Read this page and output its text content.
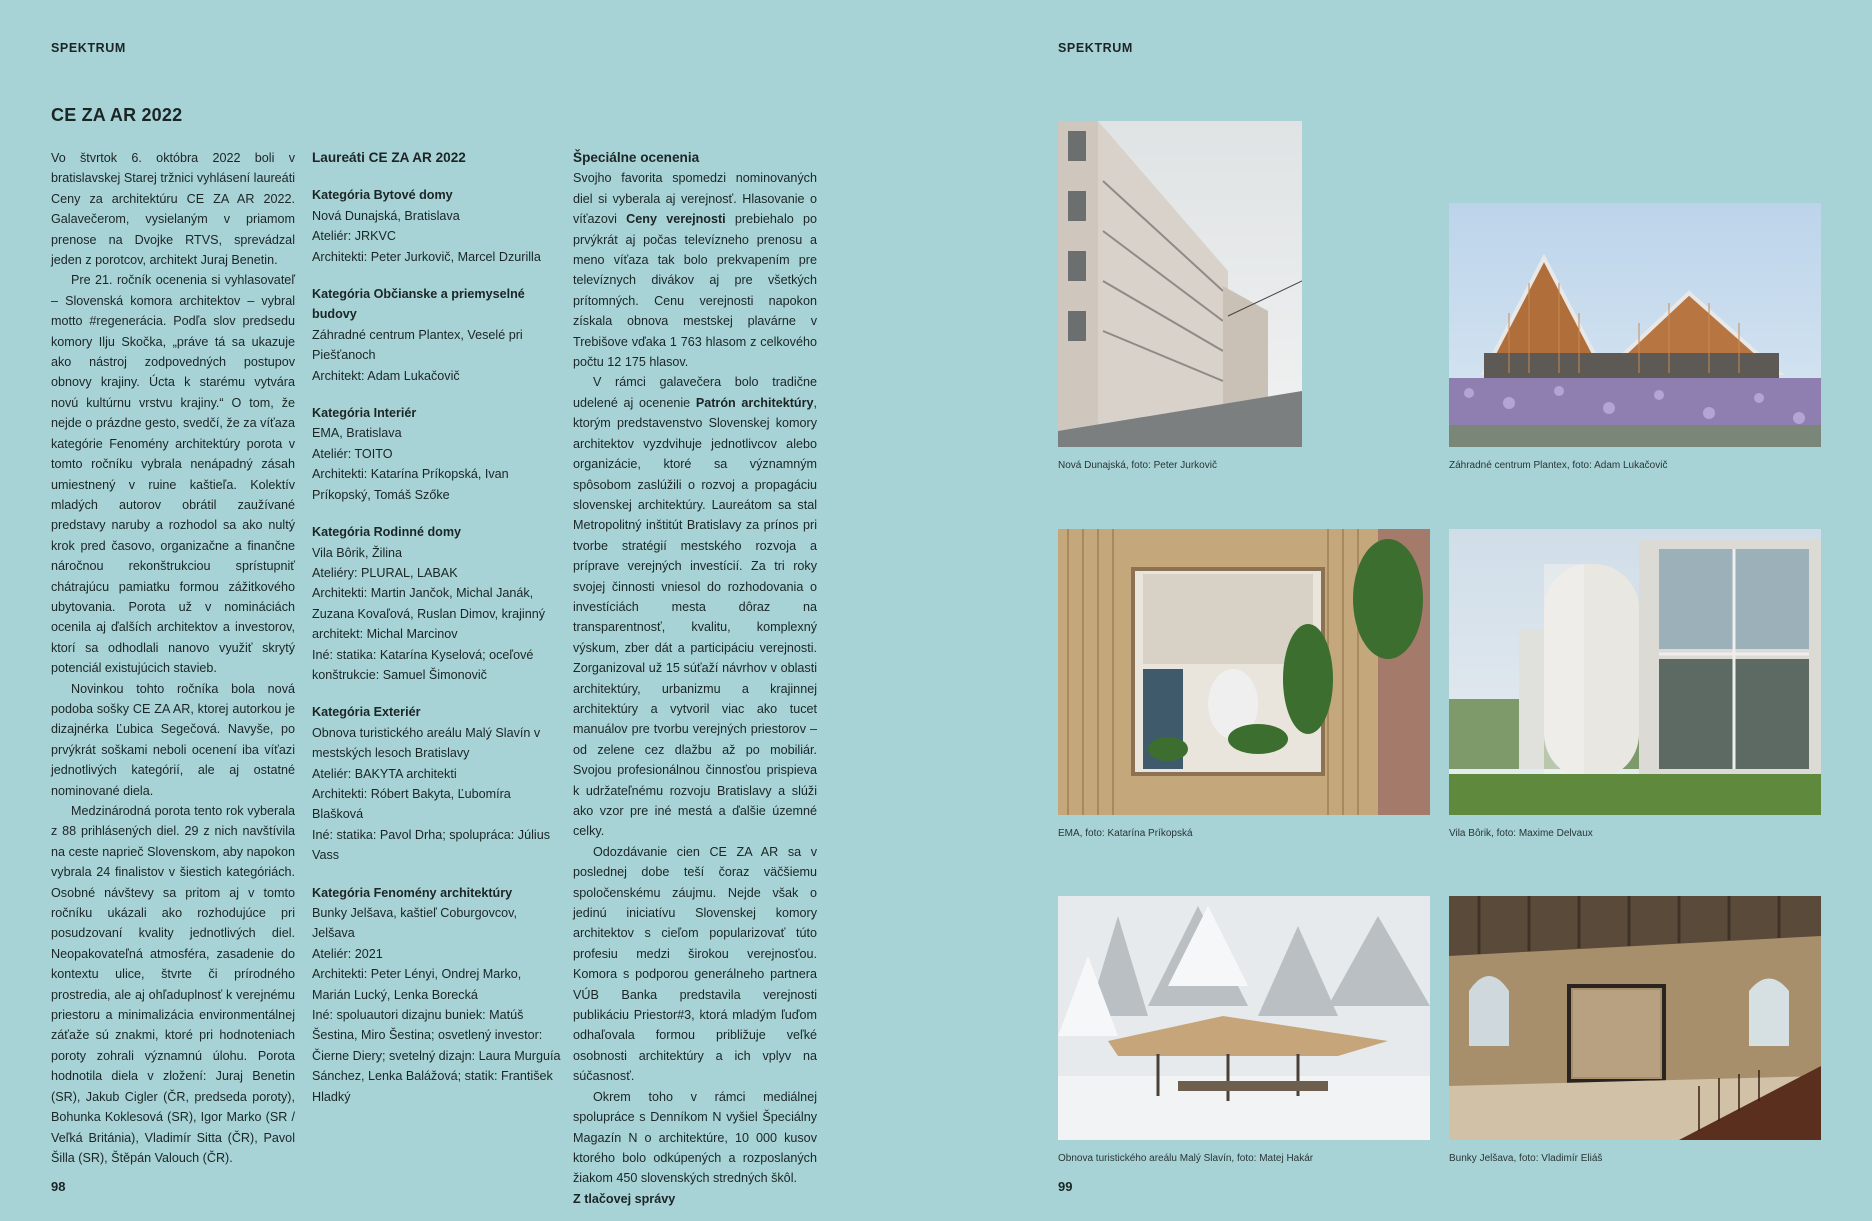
SPEKTRUM
CE ZA AR 2022

Vo štvrtok 6. októbra 2022 boli v bratislavskej Starej tržnici vyhlásení laureáti Ceny za architektúru CE ZA AR 2022. Galavečerom, vysielaným v priamom prenose na Dvojke RTVS, sprevádzal jeden z porotcov, architekt Juraj Benetin.

Pre 21. ročník ocenenia si vyhlasovateľ – Slovenská komora architektov – vybral motto #regenerácia. Podľa slov predsedu komory Ilju Skočka, „práve tá sa ukazuje ako nástroj zodpovedných postupov obnovy krajiny. Úcta k starému vytvára novú kultúrnu vrstvu krajiny.“ O tom, že nejde o prázdne gesto, svedčí, že za víťaza kategórie Fenomény architektúry porota v tomto ročníku vybrala nenápadný zásah umiestnený v ruine kaštieľa. Kolektív mladých autorov obrátil zaužívané predstavy naruby a rozhodol sa ako nultý krok pred časovo, organizačne a finančne náročnou rekonštrukciou sprístupniť chátrajúcu pamiatku formou zážitkového ubytovania. Porota už v nomináciách ocenila aj ďalších architektov a investorov, ktorí sa odhodlali nanovo využiť skrytý potenciál existujúcich stavieb.

Novinkou tohto ročníka bola nová podoba sošky CE ZA AR, ktorej autorkou je dizajnérka Ľubica Segečová. Navyše, po prvýkrát soškami neboli ocenení iba víťazi jednotlivých kategórií, ale aj ostatné nominované diela.

Medzinárodná porota tento rok vyberala z 88 prihlásených diel. 29 z nich navštívila na ceste naprieč Slovenskom, aby napokon vybrala 24 finalistov v šiestich kategóriách. Osobné návštevy sa pritom aj v tomto ročníku ukázali ako rozhodujúce pri posudzovaní kvality jednotlivých diel. Neopakovateľná atmosféra, zasadenie do kontextu ulice, štvrte či prírodného prostredia, ale aj ohľaduplnosť k verejnému priestoru a minimalizácia environmentálnej záťaže sú znakmi, ktoré pri hodnoteniach poroty zohrali významnú úlohu. Porota hodnotila diela v zložení: Juraj Benetin (SR), Jakub Cigler (ČR, predseda poroty), Bohunka Koklesová (SR), Igor Marko (SR / Veľká Británia), Vladimír Sitta (ČR), Pavol Šilla (SR), Štěpán Valouch (ČR).

Laureáti CE ZA AR 2022

Kategória Bytové domy

Nová Dunajská, Bratislava

Ateliér: JRKVC

Architekti: Peter Jurkovič, Marcel Dzurilla

Kategória Občianske a priemyselné budovy

Záhradné centrum Plantex, Veselé pri Piešťanoch

Architekt: Adam Lukačovič

Kategória Interiér

EMA, Bratislava

Ateliér: TOITO

Architekti: Katarína Príkopská, Ivan Príkopský, Tomáš Szőke

Kategória Rodinné domy

Vila Bôrik, Žilina

Ateliéry: PLURAL, LABAK

Architekti: Martin Jančok, Michal Janák, Zuzana Kovaľová, Ruslan Dimov, krajinný architekt: Michal Marcinov

Iné: statika: Katarína Kyselová; oceľové konštrukcie: Samuel Šimonovič

Kategória Exteriér

Obnova turistického areálu Malý Slavín v mestských lesoch Bratislavy

Ateliér: BAKYTA architekti

Architekti: Róbert Bakyta, Ľubomíra Blašková

Iné: statika: Pavol Drha; spolupráca: Július Vass

Kategória Fenomény architektúry

Bunky Jelšava, kaštieľ Coburgovcov, Jelšava

Ateliér: 2021

Architekti: Peter Lényi, Ondrej Marko, Marián Lucký, Lenka Borecká

Iné: spoluautori dizajnu buniek: Matúš Šestina, Miro Šestina; osvetlený investor: Čierne Diery; svetelný dizajn: Laura Murguía Sánchez, Lenka Balážová; statik: František Hladký

Špeciálne ocenenia

Svojho favorita spomedzi nominovaných diel si vyberala aj verejnosť. Hlasovanie o víťazovi Ceny verejnosti prebiehalo po prvýkrát aj počas televízneho prenosu a meno víťaza tak bolo prekvapením pre televíznych divákov aj pre všetkých prítomných. Cenu verejnosti napokon získala obnova mestskej plavárne v Trebišove vďaka 1 763 hlasom z celkového počtu 12 175 hlasov.

V rámci galavečera bolo tradične udelené aj ocenenie Patrón architektúry, ktorým predstavenstvo Slovenskej komory architektov vyzdvihuje jednotlivcov alebo organizácie, ktoré sa významným spôsobom zaslúžili o rozvoj a propagáciu slovenskej architektúry. Laureátom sa stal Metropolitný inštitút Bratislavy za prínos pri tvorbe stratégií mestského rozvoja a príprave verejných investícií. Za tri roky svojej činnosti vniesol do rozhodovania o investíciách mesta dôraz na transparentnosť, kvalitu, komplexný výskum, zber dát a participáciu verejnosti. Zorganizoval už 15 súťaží návrhov v oblasti architektúry, urbanizmu a krajinnej architektúry a vytvoril viac ako tucet manuálov pre tvorbu verejných priestorov – od zelene cez dlažbu až po mobiliár. Svojou profesionálnou činnosťou prispieva k udržateľnému rozvoju Bratislavy a slúži ako vzor pre iné mestá a ďalšie územné celky.

Odozdávanie cien CE ZA AR sa v poslednej dobe teší čoraz väčšiemu spoločenskému záujmu. Nejde však o jedinú iniciatívu Slovenskej komory architektov s cieľom popularizovať túto profesiu medzi širokou verejnosťou. Komora s podporou generálneho partnera VÚB Banka predstavila verejnosti publikáciu Priestor#3, ktorá mladým ľuďom odhaľovala formou približuje veľké osobnosti architektúry a ich vplyv na súčasnosť.

Okrem toho v rámci mediálnej spolupráce s Denníkom N vyšiel Špeciálny Magazín N o architektúre, 10 000 kusov ktorého bolo odkúpených a rozposlaných žiakom 450 slovenských stredných škôl.

Z tlačovej správy

98
SPEKTRUM
Nová Dunajská, foto: Peter Jurkovič	Záhradné centrum Plantex, foto: Adam Lukačovič
EMA, foto: Katarína Príkopská	Vila Bôrik, foto: Maxime Delvaux
Obnova turistického areálu Malý Slavín, foto: Matej Hakár	Bunky Jelšava, foto: Vladimír Eliáš
99
